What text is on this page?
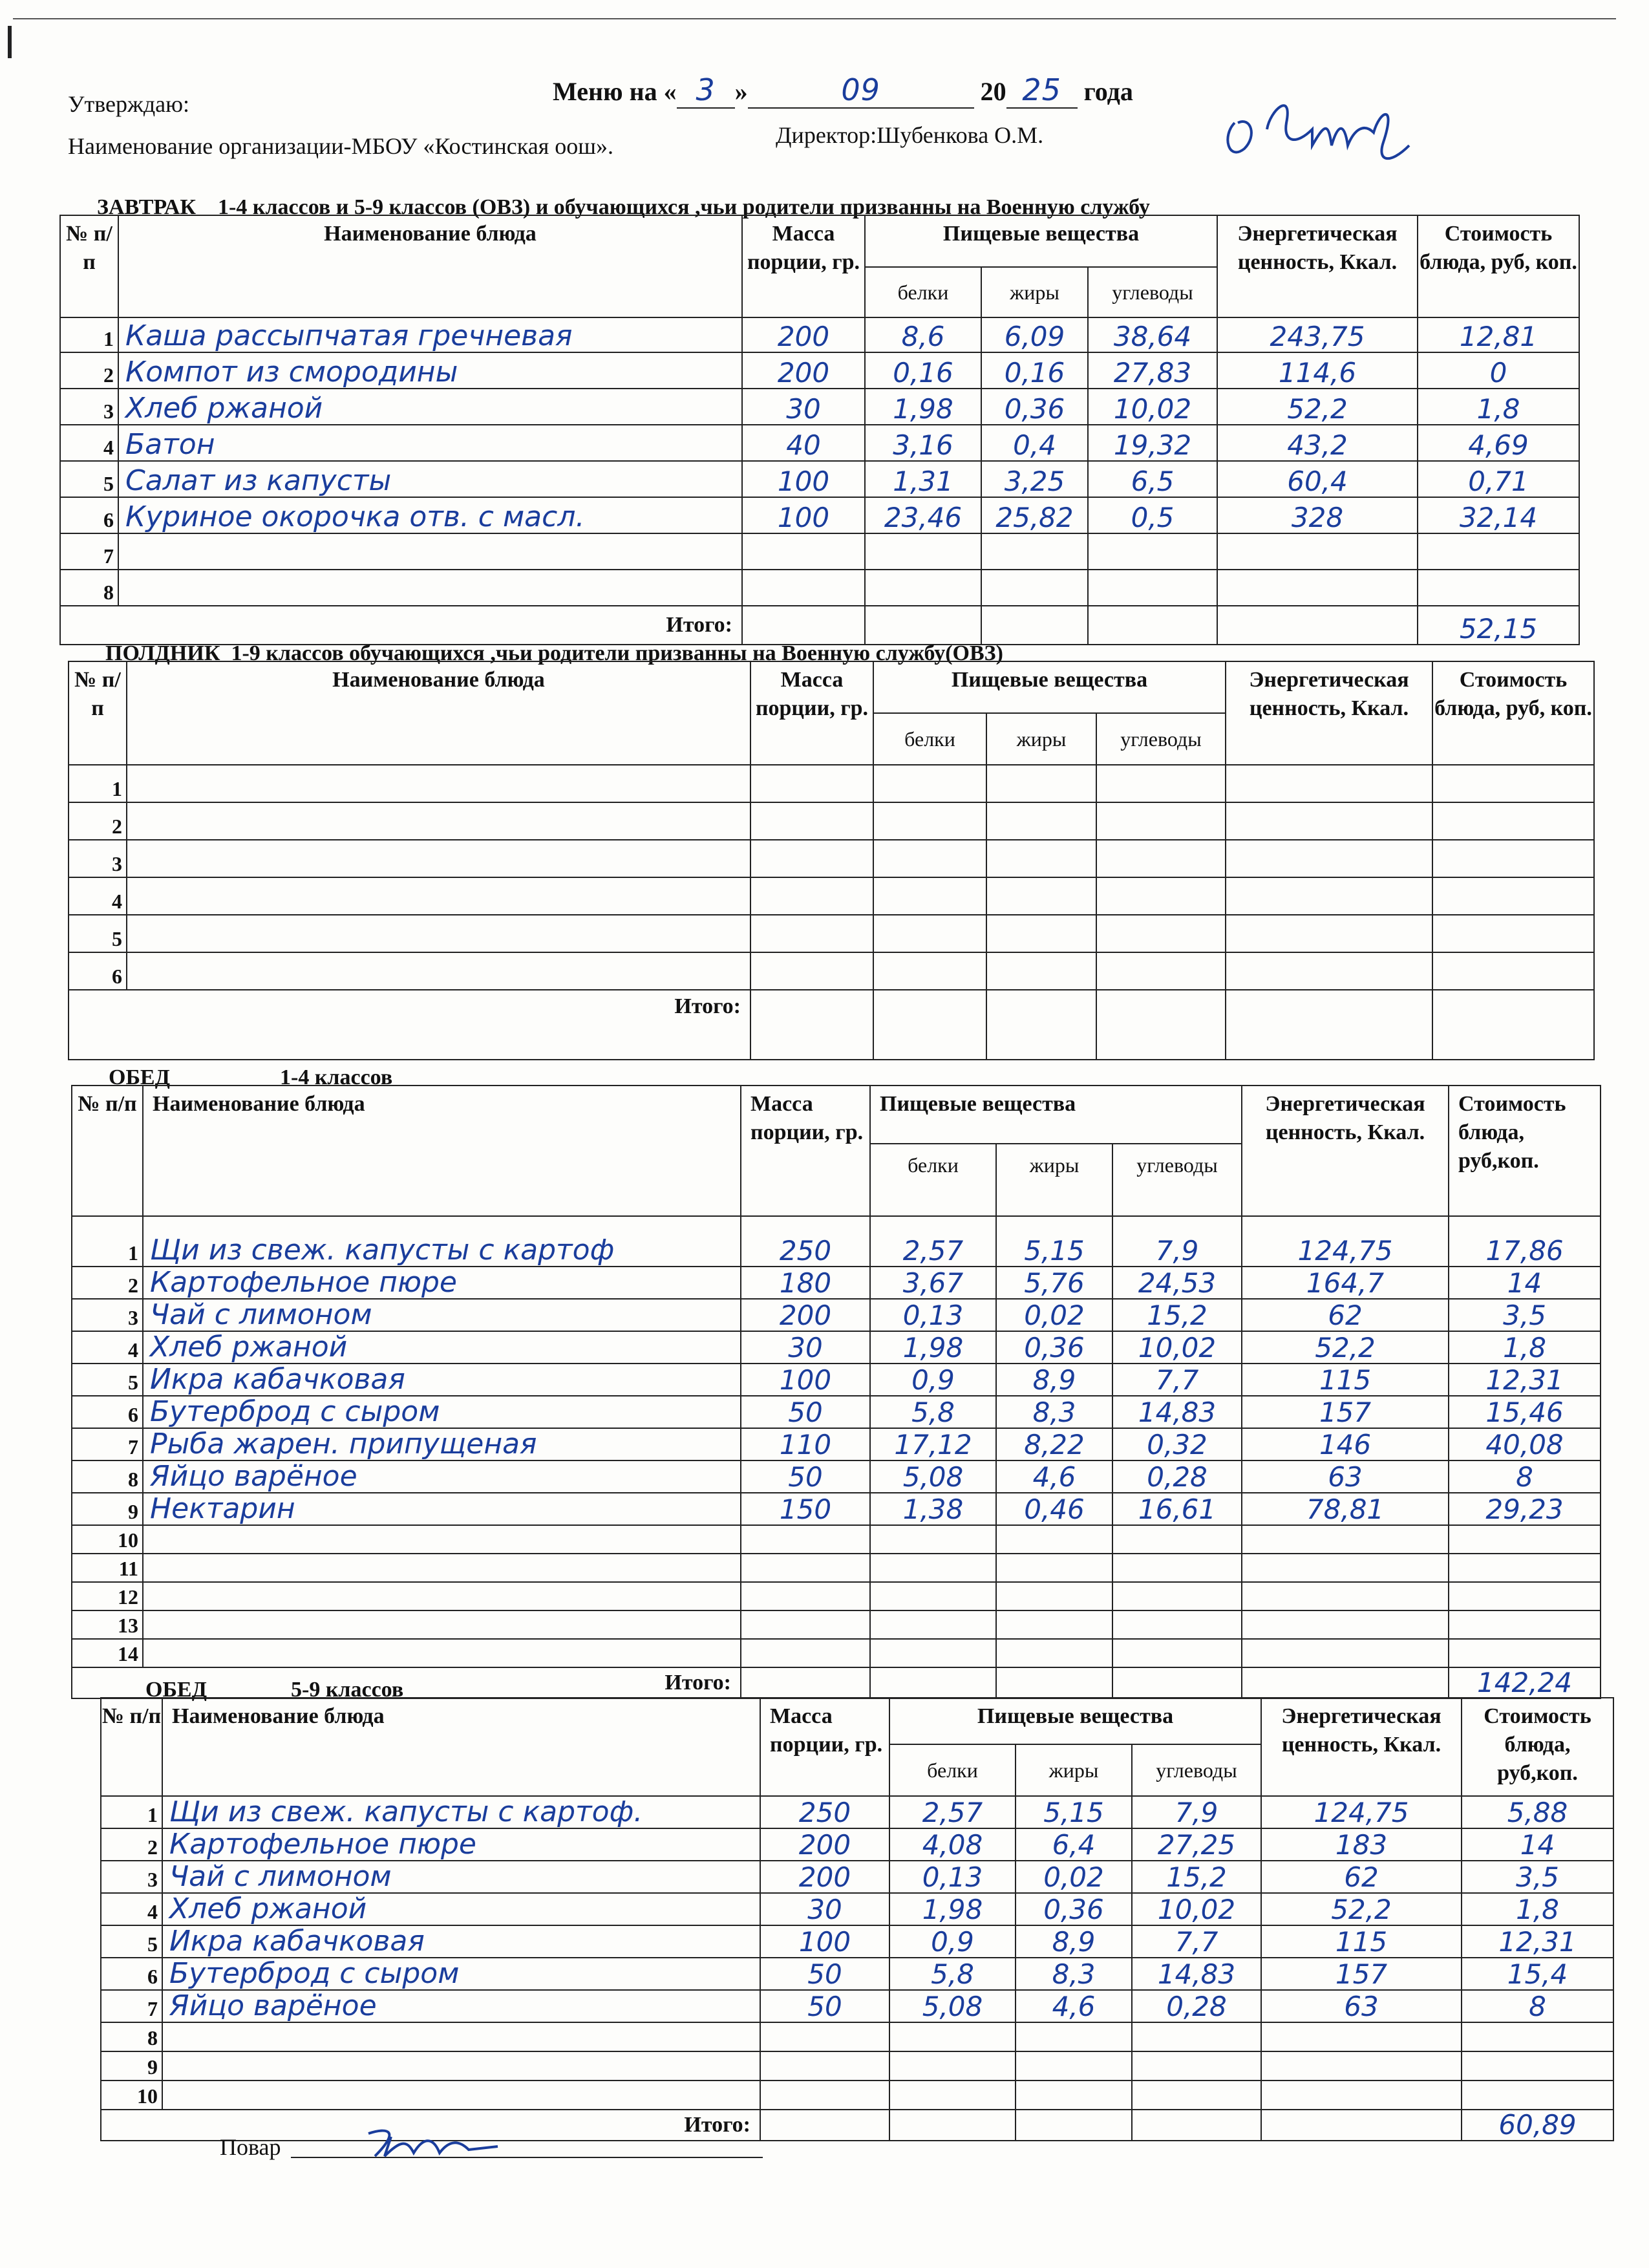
Утверждаю:	Меню на « 3 »	09	20 25 года
Наименование организации-МБОУ «Костинская оош».	Директор:Шубенкова О.М.
ЗАВТРАК 1-4 классов и 5-9 классов (ОВЗ) и обучающихся ,чьи родители призванны на Военную службу
№ п/п	Наименование блюда	Масса порции, гр.	Пищевые вещества			Энергетическая ценность, Ккал.	Стоимость блюда, руб, коп.
			белки	жиры	углеводы		
1	Каша рассыпчатая гречневая	200	8,6	6,09	38,64	243,75	12,81
2	Компот из смородины	200	0,16	0,16	27,83	114,6	0
3	Хлеб ржаной	30	1,98	0,36	10,02	52,2	1,8
4	Батон	40	3,16	0,4	19,32	43,2	4,69
5	Салат из капусты	100	1,31	3,25	6,5	60,4	0,71
6	Куриное окорочка отв. с масл.	100	23,46	25,82	0,5	328	32,14
7							
8							
Итого:							52,15
ПОЛДНИК 1-9 классов обучающихся ,чьи родители призванны на Военную службу(ОВЗ)
№ п/п	Наименование блюда	Масса порции, гр.	Пищевые вещества			Энергетическая ценность, Ккал.	Стоимость блюда, руб, коп.
			белки	жиры	углеводы		
1							
2							
3							
4							
5							
6							
Итого:							
ОБЕД	1-4 классов
№ п/п	Наименование блюда	Масса порции, гр.	Пищевые вещества			Энергетическая ценность, Ккал.	Стоимость блюда, руб,коп.
			белки	жиры	углеводы		
1	Щи из свеж. капусты с картоф	250	2,57	5,15	7,9	124,75	17,86
2	Картофельное пюре	180	3,67	5,76	24,53	164,7	14
3	Чай с лимоном	200	0,13	0,02	15,2	62	3,5
4	Хлеб ржаной	30	1,98	0,36	10,02	52,2	1,8
5	Икра кабачковая	100	0,9	8,9	7,7	115	12,31
6	Бутерброд с сыром	50	5,8	8,3	14,83	157	15,46
7	Рыба жарен. припущеная	110	17,12	8,22	0,32	146	40,08
8	Яйцо варёное	50	5,08	4,6	0,28	63	8
9	Нектарин	150	1,38	0,46	16,61	78,81	29,23
10							
11							
12							
13							
14							
Итого:							142,24
ОБЕД	5-9 классов
№ п/п	Наименование блюда	Масса порции, гр.	Пищевые вещества			Энергетическая ценность, Ккал.	Стоимость блюда, руб,коп.
			белки	жиры	углеводы		
1	Щи из свеж. капусты с картоф.	250	2,57	5,15	7,9	124,75	5,88
2	Картофельное пюре	200	4,08	6,4	27,25	183	14
3	Чай с лимоном	200	0,13	0,02	15,2	62	3,5
4	Хлеб ржаной	30	1,98	0,36	10,02	52,2	1,8
5	Икра кабачковая	100	0,9	8,9	7,7	115	12,31
6	Бутерброд с сыром	50	5,8	8,3	14,83	157	15,4
7	Яйцо варёное	50	5,08	4,6	0,28	63	8
8							
9							
10							
Итого:							60,89
Повар
